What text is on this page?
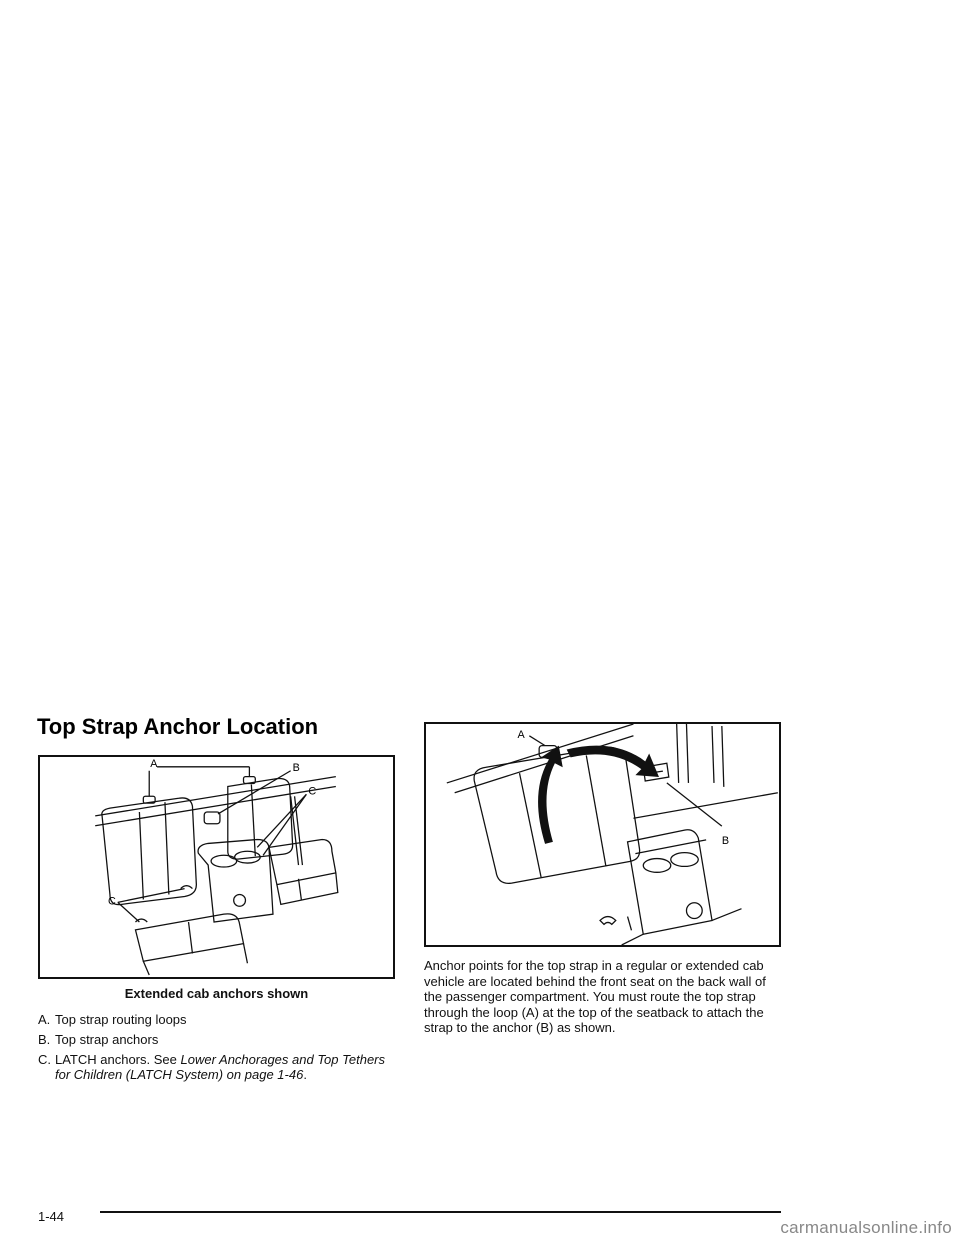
Top Strap Anchor Location
A	B
C
C
Extended cab anchors shown
A
B
A. Top strap routing loops
B. Top strap anchors
C. LATCH anchors. See Lower Anchorages and Top Tethers for Children (LATCH System) on page 1-46.

Anchor points for the top strap in a regular or extended cab vehicle are located behind the front seat on the back wall of the passenger compartment. You must route the top strap through the loop (A) at the top of the seatback to attach the strap to the anchor (B) as shown.

1-44
carmanualsonline.info
